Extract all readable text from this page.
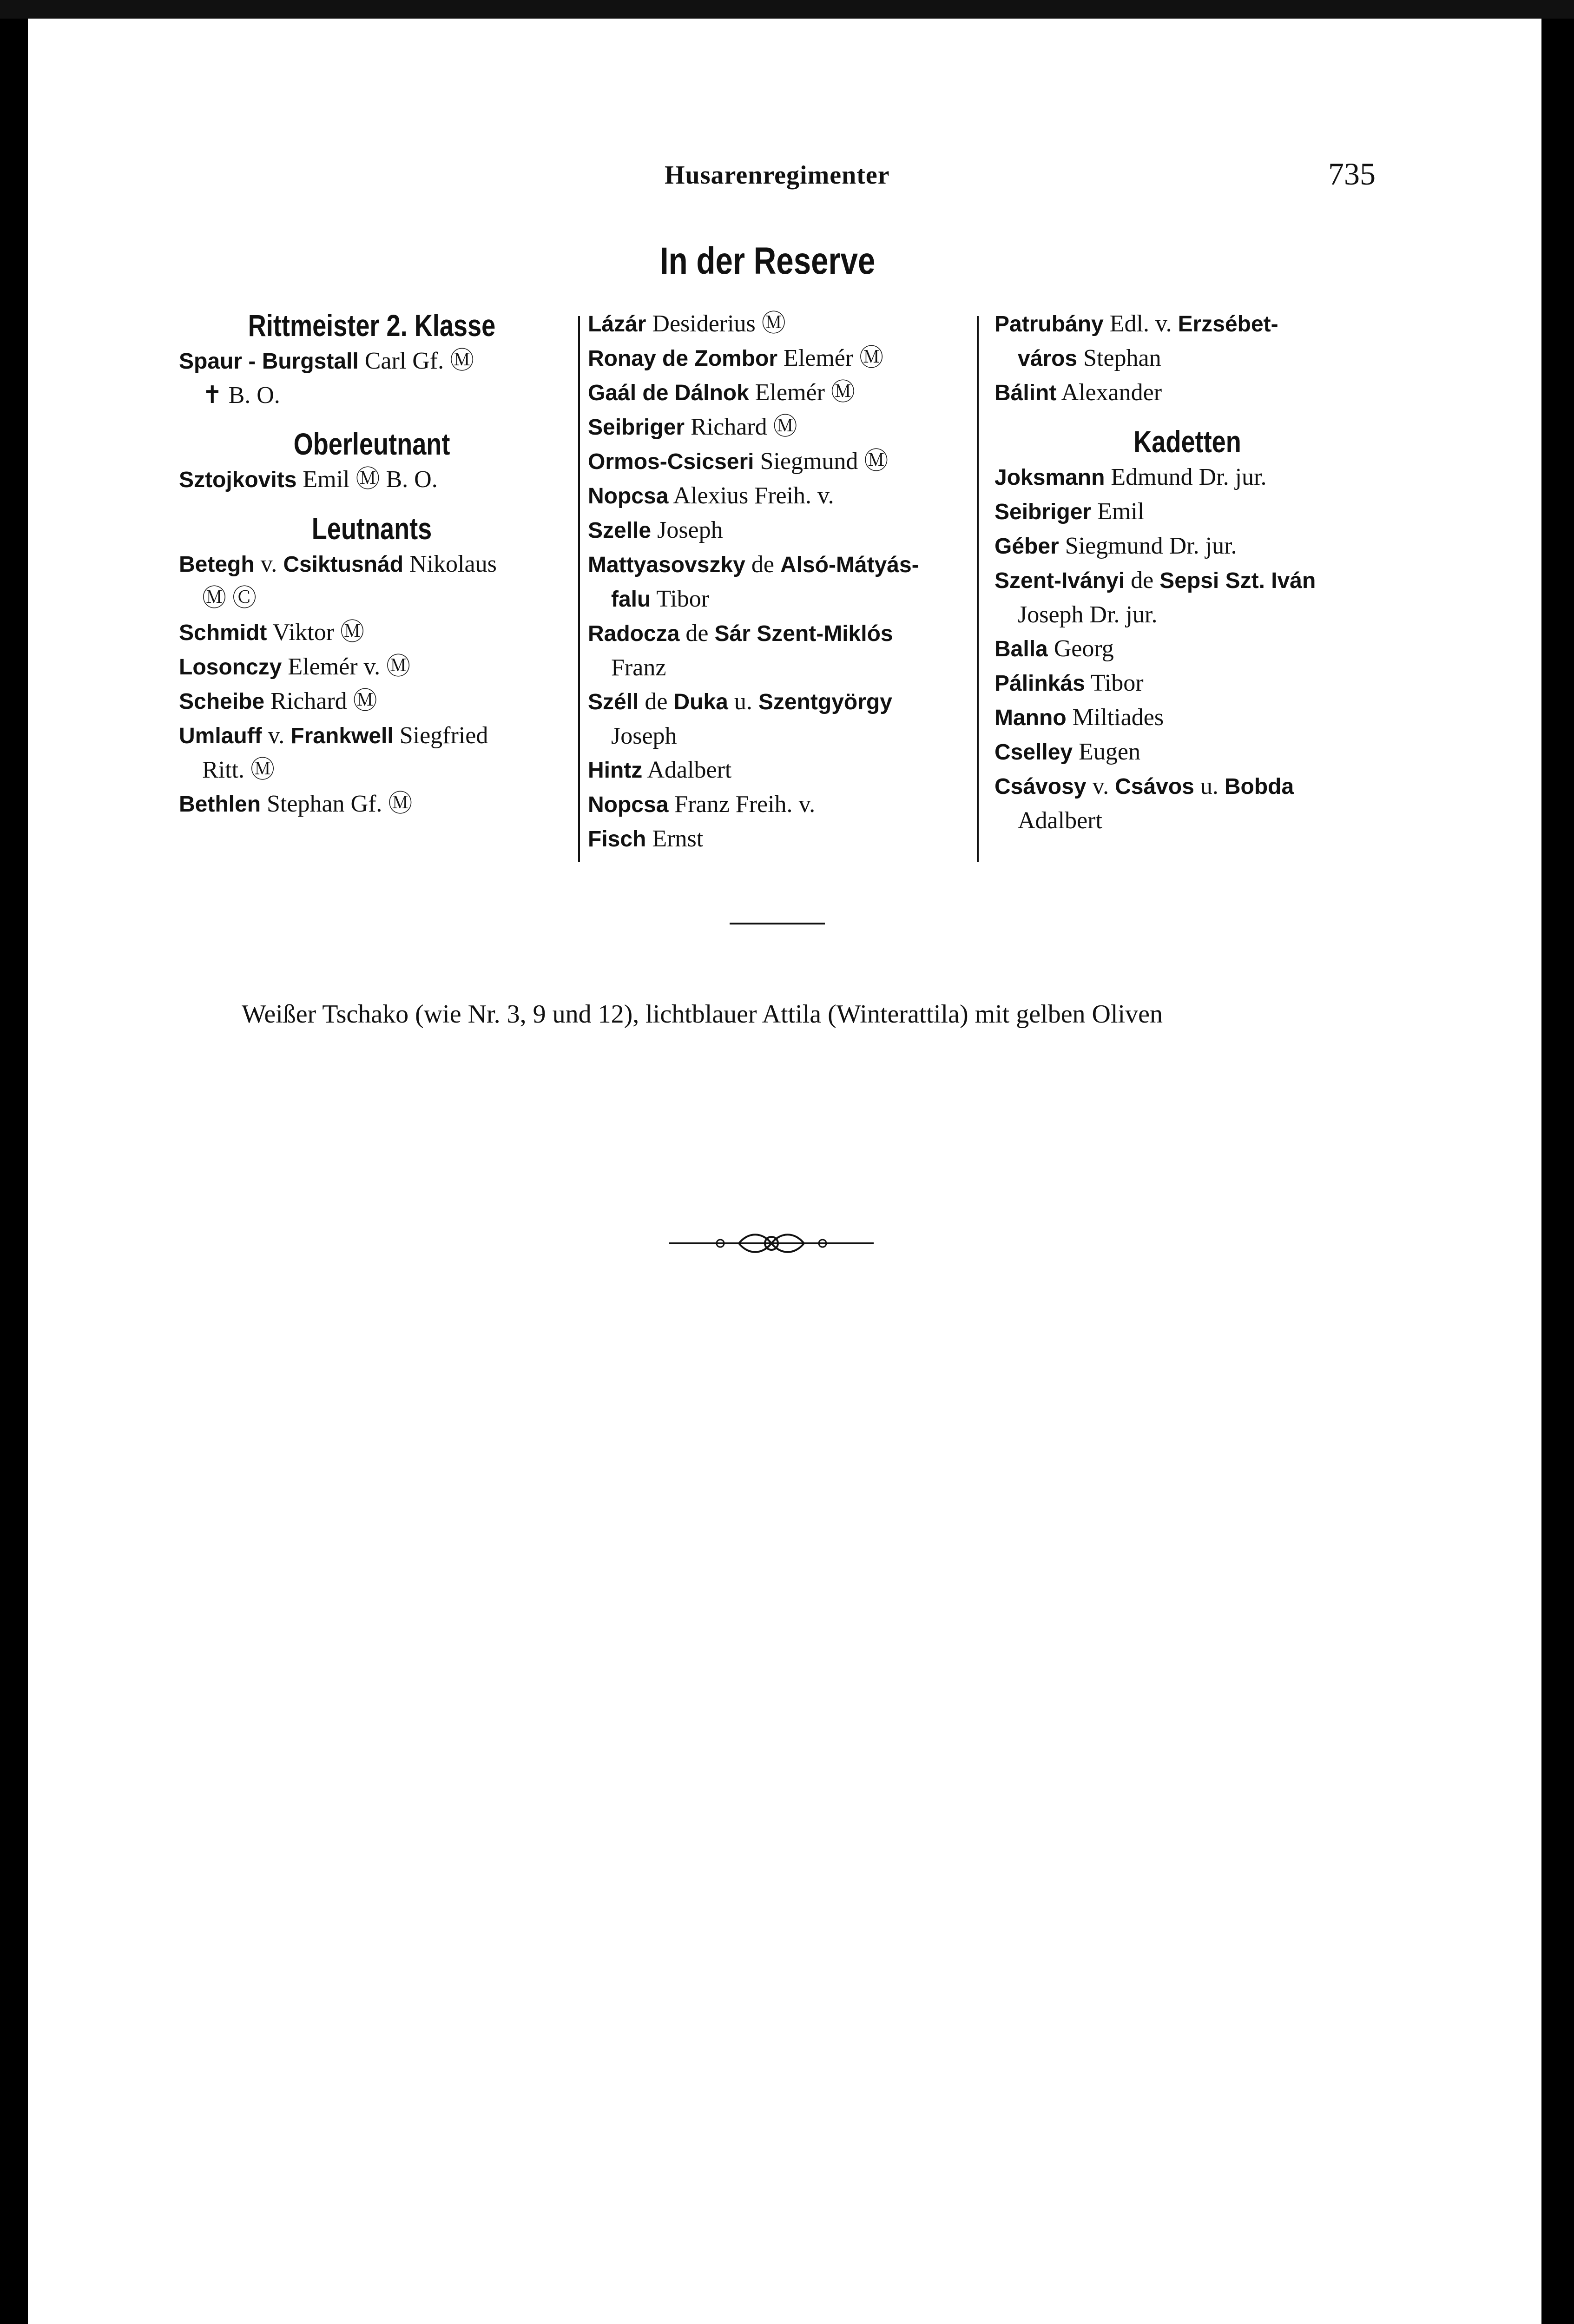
Husarenregimenter	735
In der Reserve

Rittmeister 2. Klasse

Spaur - Burgstall Carl Gf. Ⓜ

✝ B. O.

Oberleutnant

Sztojkovits Emil Ⓜ B. O.

Leutnants

Betegh v. Csiktusnád Nikolaus

Ⓜ Ⓒ

Schmidt Viktor Ⓜ

Losonczy Elemér v. Ⓜ

Scheibe Richard Ⓜ

Umlauff v. Frankwell Siegfried

Ritt. Ⓜ

Bethlen Stephan Gf. Ⓜ

Lázár Desiderius Ⓜ

Ronay de Zombor Elemér Ⓜ

Gaál de Dálnok Elemér Ⓜ

Seibriger Richard Ⓜ

Ormos-Csicseri Siegmund Ⓜ

Nopcsa Alexius Freih. v.

Szelle Joseph

Mattyasovszky de Alsó-Mátyás-

falu Tibor

Radocza de Sár Szent-Miklós

Franz

Széll de Duka u. Szentgyörgy

Joseph

Hintz Adalbert

Nopcsa Franz Freih. v.

Fisch Ernst

Patrubány Edl. v. Erzsébet-

város Stephan

Bálint Alexander

Kadetten

Joksmann Edmund Dr. jur.

Seibriger Emil

Géber Siegmund Dr. jur.

Szent-Iványi de Sepsi Szt. Iván

Joseph Dr. jur.

Balla Georg

Pálinkás Tibor

Manno Miltiades

Cselley Eugen

Csávosy v. Csávos u. Bobda

Adalbert

Weißer Tschako (wie Nr. 3, 9 und 12), lichtblauer Attila (Winterattila) mit gelben Oliven
